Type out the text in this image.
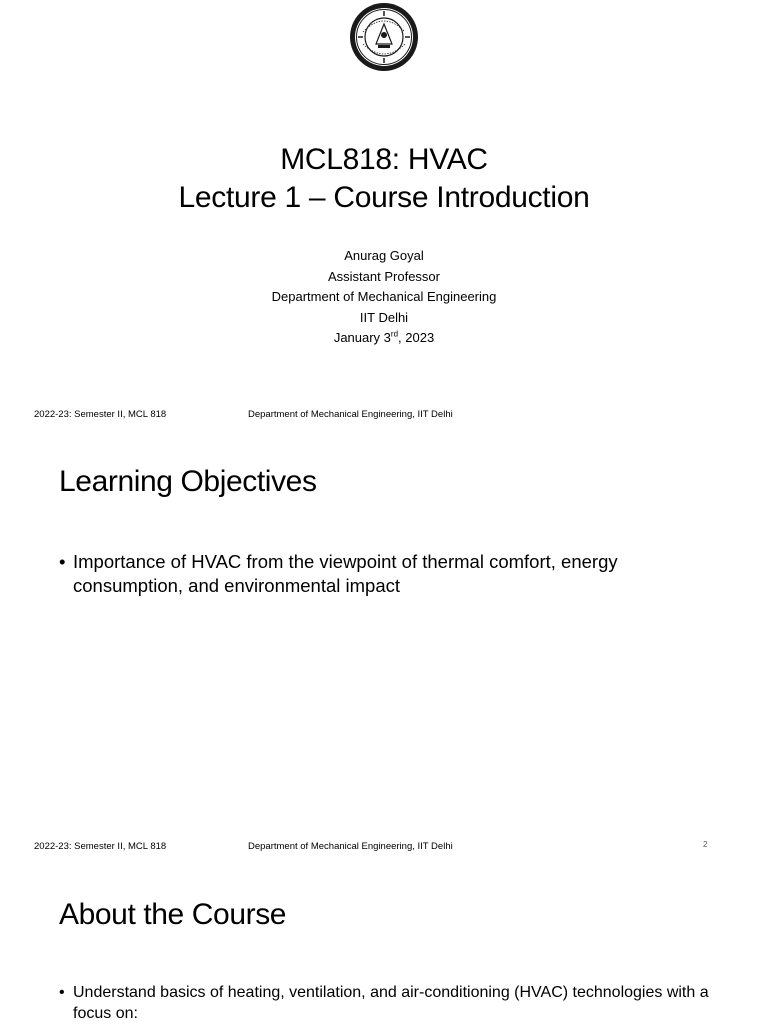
MCL818: HVAC
Lecture 1 – Course Introduction
Anurag Goyal
Assistant Professor
Department of Mechanical Engineering
IIT Delhi
January 3rd, 2023
2022-23: Semester II, MCL 818	Department of Mechanical Engineering, IIT Delhi
Learning Objectives
• Importance of HVAC from the viewpoint of thermal comfort, energy consumption, and environmental impact
2022-23: Semester II, MCL 818	Department of Mechanical Engineering, IIT Delhi	2
About the Course
• Understand basics of heating, ventilation, and air-conditioning (HVAC) technologies with a focus on:
